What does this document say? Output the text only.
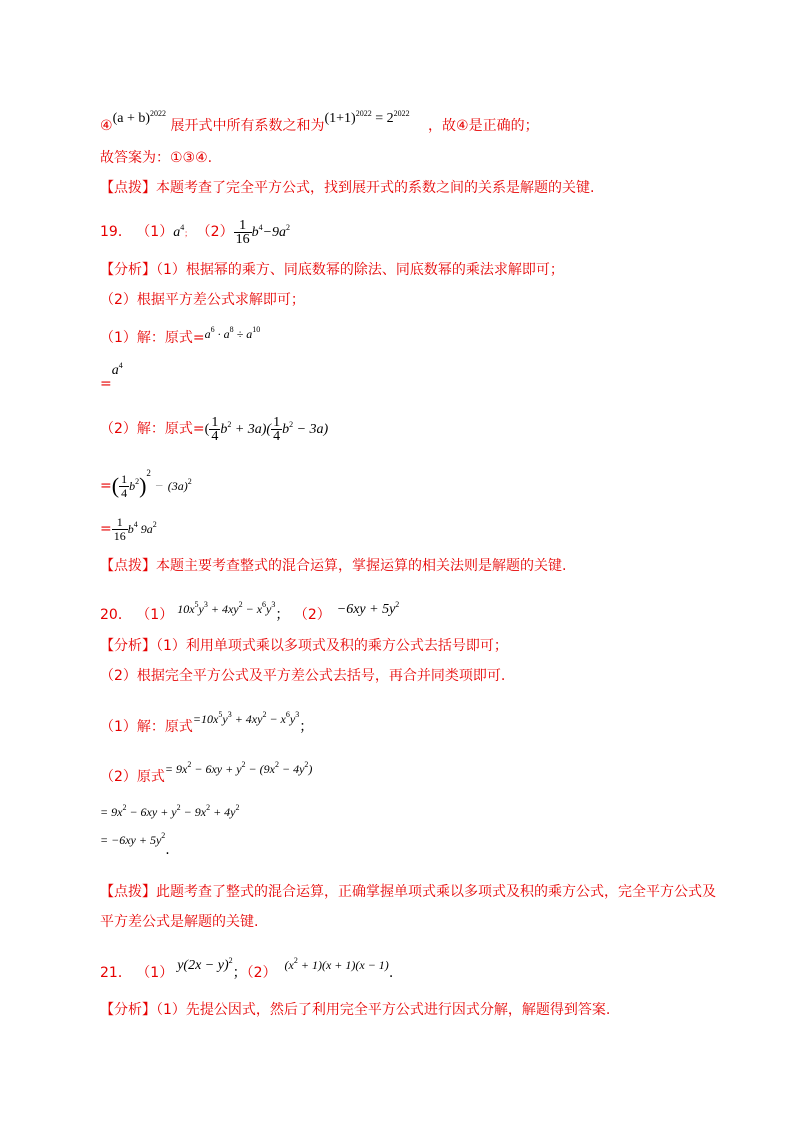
④(a + b)$^{2022}$ 展开式中所有系数之和为$(1+1)^{2022} = 2^{2022}$ ，故④是正确的；
故答案为：①③④.
【点拨】本题考查了完全平方公式，找到展开式的系数之间的关系是解题的关键.
19． $(1)a^4$； $(2) \frac{1}{16} b^4-9a^2$
【分析】（1）根据幂的乘方、同底数幂的除法、同底数幂的乘法求解即可；
（2）根据平方差公式求解即可；
（1）解：原式$=a^6 \cdot a^8 \div a^{10}$
$=a^4$
（2）解：原式=( $\frac{1}{4} b^2 + 3a)( \frac{1}{4} b^2 - 3a)$
=( $\frac{1}{4} b^2)^2 - (3a)^2$
= $\frac{1}{16} b^4$ $9a^2$
【点拨】本题主要考查整式的混合运算，掌握运算的相关法则是解题的关键.
20． （1） $10x^5y^3 + 4xy^2 - x^6y^3$； $(2) -6xy + 5y^2$
【分析】（1）利用单项式乘以多项式及积的乘方公式去括号即可；
（2）根据完全平方公式及平方差公式去括号，再合并同类项即可.
（1）解：原式$=10x^5y^3 + 4xy^2 - x^6y^3$；
（2）原式= $9x^2 - 6xy + y^2 - (9x^2 - 4y^2)$
= $9x^2 - 6xy + y^2 - 9x^2 + 4y^2$
= $-6xy + 5y^2$.
【点拨】此题考查了整式的混合运算，正确掌握单项式乘以多项式及积的乘方公式，完全平方公式及
平方差公式是解题的关键.
21． （1） $y(2x - y)^2$；（2） $(x^2 + 1)(x + 1)(x - 1)$.
【分析】（1）先提公因式，然后了利用完全平方公式进行因式分解，解题得到答案.
